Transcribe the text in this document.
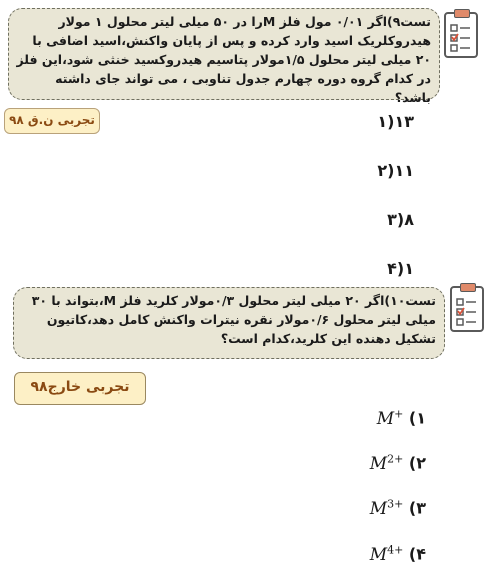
تست۹)اگر ۰/۰۱ مول فلز Mرا در ۵۰ میلی لیتر محلول ۱ مولار هیدروکلریک اسید وارد کرده و پس از پایان واکنش،اسید اضافی با ۲۰ میلی لیتر محلول ۱/۵مولار پتاسیم هیدروکسید خنثی شود،این فلز در کدام گروه دوره چهارم جدول تناوبی ، می تواند جای داشته باشد؟
تجربی ن.ق ۹۸	۱۳(۱
۱۱(۲
۸(۳
۱(۴
تست۱۰)اگر ۲۰ میلی لیتر محلول ۰/۳مولار کلرید فلز M،بتواند با ۳۰ میلی لیتر محلول ۰/۶مولار نقره نیترات واکنش کامل دهد،کاتیون تشکیل دهنده این کلرید،کدام است؟
تجربی خارج۹۸
M+ (۱
$M^{2+}$ (۲
$M^{3+}$ (۳
$M^{4+}$ (۴
